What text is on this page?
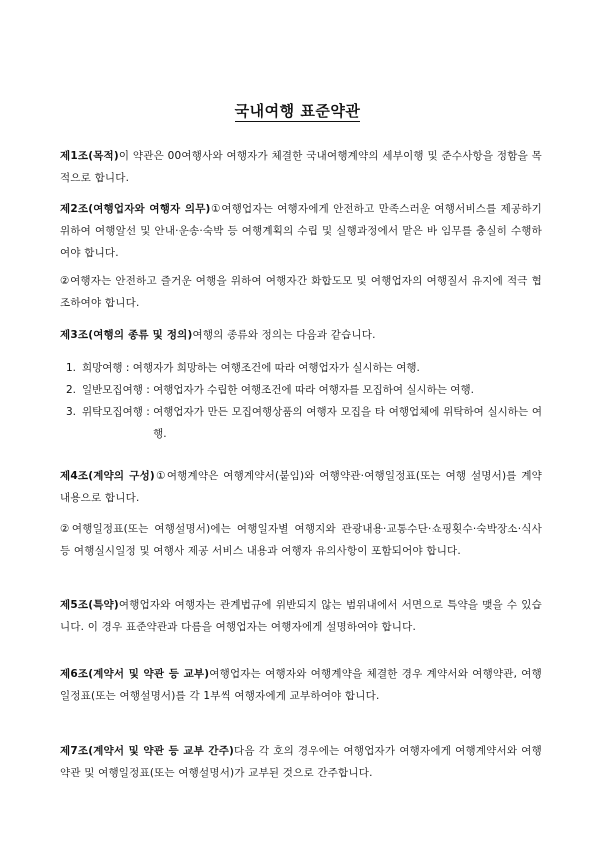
국내여행 표준약관
제1조(목적)이 약관은 00여행사와 여행자가 체결한 국내여행계약의 세부이행 및 준수사항을 정함을 목적으로 합니다.
제2조(여행업자와 여행자 의무)①여행업자는 여행자에게 안전하고 만족스러운 여행서비스를 제공하기 위하여 여행알선 및 안내·운송·숙박 등 여행계획의 수립 및 실행과정에서 맡은 바 임무를 충실히 수행하여야 합니다.
②여행자는 안전하고 즐거운 여행을 위하여 여행자간 화합도모 및 여행업자의 여행질서 유지에 적극 협조하여야 합니다.
제3조(여행의 종류 및 정의)여행의 종류와 정의는 다음과 같습니다.
1. 희망여행 : 여행자가 희망하는 여행조건에 따라 여행업자가 실시하는 여행.
2. 일반모집여행 : 여행업자가 수립한 여행조건에 따라 여행자를 모집하여 실시하는 여행.
3. 위탁모집여행 : 여행업자가 만든 모집여행상품의 여행자 모집을 타 여행업체에 위탁하여 실시하는 여행.
제4조(계약의 구성)①여행계약은 여행계약서(붙임)와 여행약관·여행일정표(또는 여행 설명서)를 계약내용으로 합니다.
②여행일정표(또는 여행설명서)에는 여행일자별 여행지와 관광내용·교통수단·쇼핑횟수·숙박장소·식사 등 여행실시일정 및 여행사 제공 서비스 내용과 여행자 유의사항이 포함되어야 합니다.
제5조(특약)여행업자와 여행자는 관계법규에 위반되지 않는 범위내에서 서면으로 특약을 맺을 수 있습니다. 이 경우 표준약관과 다름을 여행업자는 여행자에게 설명하여야 합니다.
제6조(계약서 및 약관 등 교부)여행업자는 여행자와 여행계약을 체결한 경우 계약서와 여행약관, 여행일정표(또는 여행설명서)를 각 1부씩 여행자에게 교부하여야 합니다.
제7조(계약서 및 약관 등 교부 간주)다음 각 호의 경우에는 여행업자가 여행자에게 여행계약서와 여행약관 및 여행일정표(또는 여행설명서)가 교부된 것으로 간주합니다.
